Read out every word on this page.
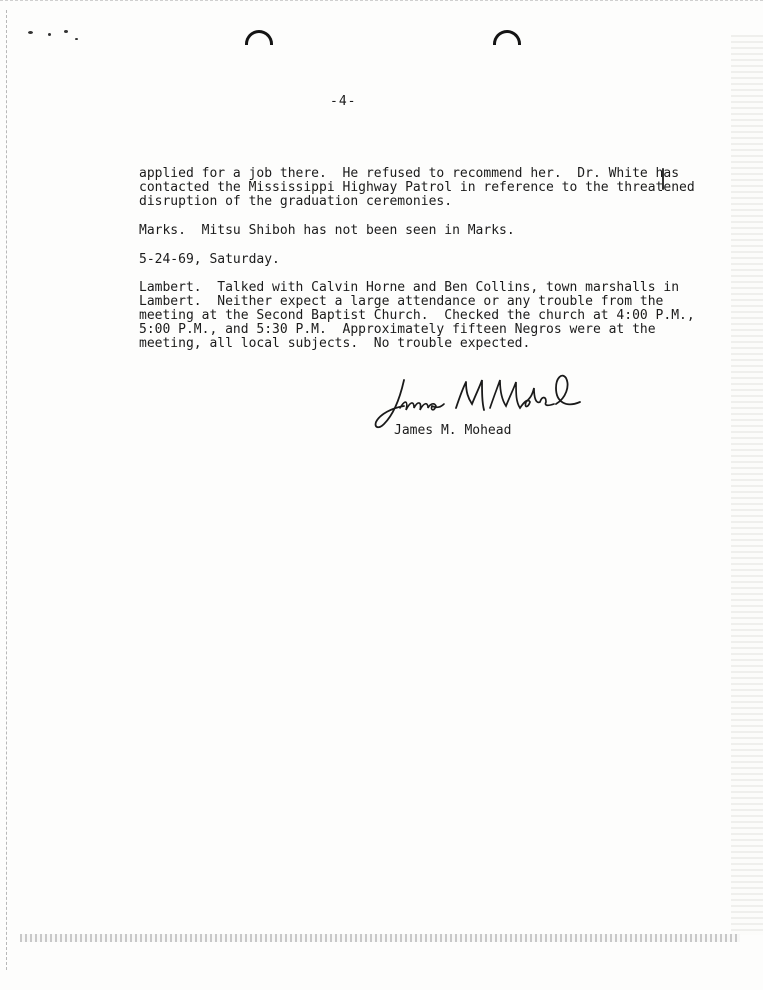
-4-
applied for a job there.  He refused to recommend her.  Dr. White has
contacted the Mississippi Highway Patrol in reference to the threatened
disruption of the graduation ceremonies.
Marks.  Mitsu Shiboh has not been seen in Marks.
5-24-69, Saturday.
Lambert.  Talked with Calvin Horne and Ben Collins, town marshalls in
Lambert.  Neither expect a large attendance or any trouble from the
meeting at the Second Baptist Church.  Checked the church at 4:00 P.M.,
5:00 P.M., and 5:30 P.M.  Approximately fifteen Negros were at the
meeting, all local subjects.  No trouble expected.
James M. Mohead
